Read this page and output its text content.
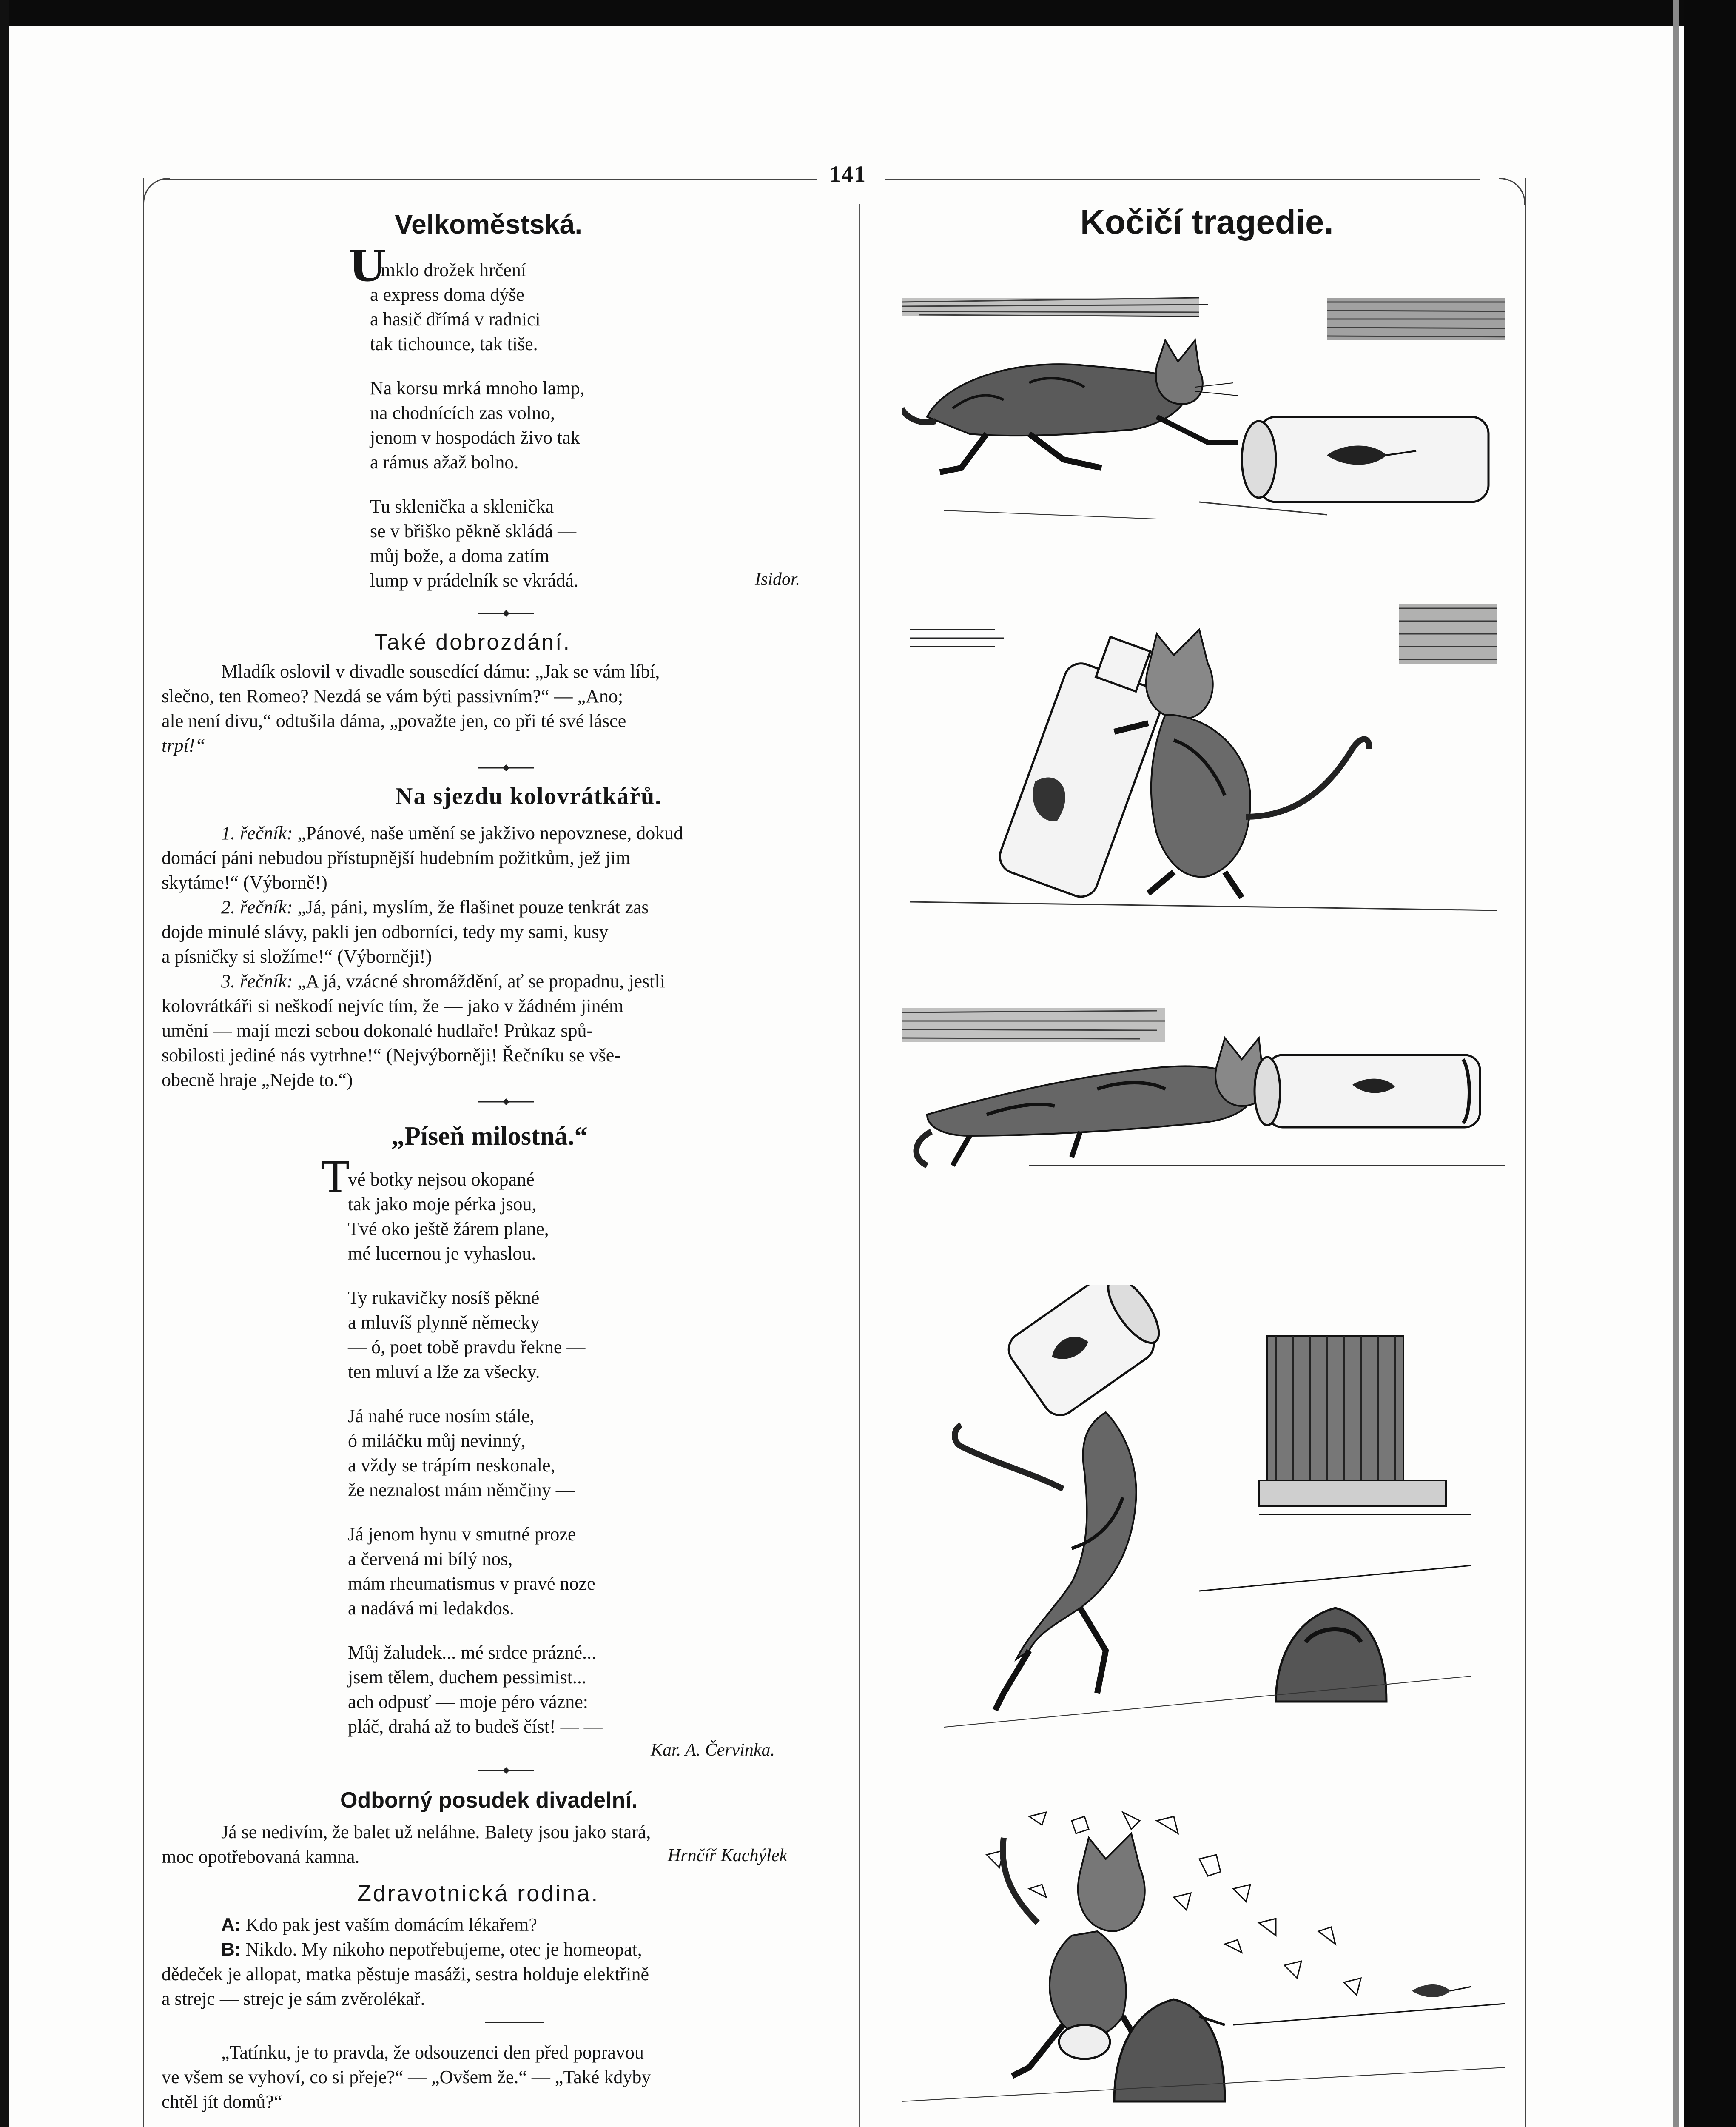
141
Velkoměstská.
U
mklo drožek hrčení
a express doma dýše
a hasič dřímá v radnici
tak tichounce, tak tiše.
Na korsu mrká mnoho lamp,
na chodnících zas volno,
jenom v hospodách živo tak
a rámus ažaž bolno.
Tu sklenička a sklenička
se v břiško pěkně skládá —
můj bože, a doma zatím
lump v prádelník se vkrádá.	Isidor.
Také dobrozdání.
Mladík oslovil v divadle sousedící dámu: „Jak se vám líbí,
slečno, ten Romeo? Nezdá se vám býti passivním?“ — „Ano;
ale není divu,“ odtušila dáma, „považte jen, co při té své lásce
trpí!“
Na sjezdu kolovrátkářů.
1. řečník: „Pánové, naše umění se jakživo nepovznese, dokud
domácí páni nebudou přístupnější hudebním požitkům, jež jim
skytáme!“ (Výborně!)
2. řečník: „Já, páni, myslím, že flašinet pouze tenkrát zas
dojde minulé slávy, pakli jen odborníci, tedy my sami, kusy
a písničky si složíme!“ (Výborněji!)
3. řečník: „A já, vzácné shromáždění, ať se propadnu, jestli
kolovrátkáři si neškodí nejvíc tím, že — jako v žádném jiném
umění — mají mezi sebou dokonalé hudlaře! Průkaz spů-
sobilosti jediné nás vytrhne!“ (Nejvýborněji! Řečníku se vše-
obecně hraje „Nejde to.“)
„Píseň milostná.“
T
vé botky nejsou okopané
tak jako moje pérka jsou,
Tvé oko ještě žárem plane,
mé lucernou je vyhaslou.
Ty rukavičky nosíš pěkné
a mluvíš plynně německy
— ó, poet tobě pravdu řekne —
ten mluví a lže za všecky.
Já nahé ruce nosím stále,
ó miláčku můj nevinný,
a vždy se trápím neskonale,
že neznalost mám němčiny —
Já jenom hynu v smutné proze
a červená mi bílý nos,
mám rheumatismus v pravé noze
a nadává mi ledakdos.
Můj žaludek... mé srdce prázné...
jsem tělem, duchem pessimist...
ach odpusť — moje péro vázne:
pláč, drahá až to budeš číst! — —
Kar. A. Červinka.
Odborný posudek divadelní.
Já se nedivím, že balet už neláhne. Balety jsou jako stará,
moc opotřebovaná kamna.	Hrnčíř Kachýlek
Zdravotnická rodina.
A: Kdo pak jest vaším domácím lékařem?
B: Nikdo. My nikoho nepotřebujeme, otec je homeopat,
dědeček je allopat, matka pěstuje masáži, sestra holduje elektřině
a strejc — strejc je sám zvěrolékař.
„Tatínku, je to pravda, že odsouzenci den před popravou
ve všem se vyhoví, co si přeje?“ — „Ovšem že.“ — „Také kdyby
chtěl jít domů?“
Kočičí tragedie.
